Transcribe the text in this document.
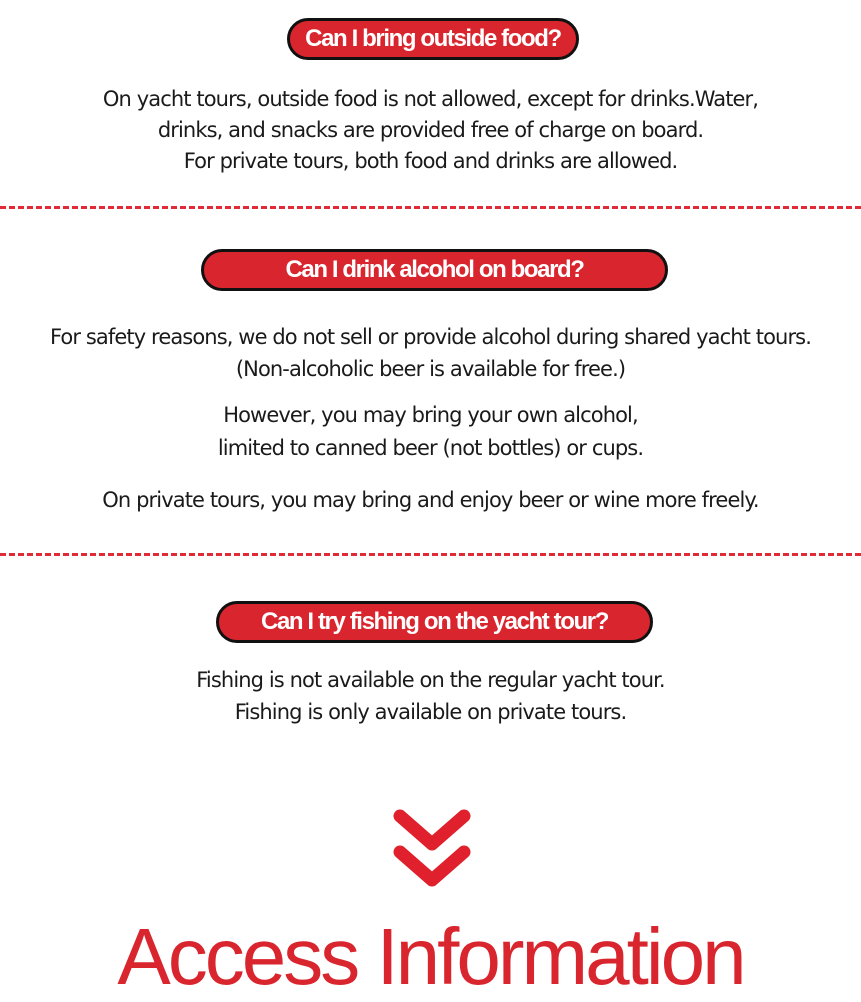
Can I bring outside food?
On yacht tours, outside food is not allowed, except for drinks.Water,
drinks, and snacks are provided free of charge on board.
For private tours, both food and drinks are allowed.
Can I drink alcohol on board?
For safety reasons, we do not sell or provide alcohol during shared yacht tours.
(Non-alcoholic beer is available for free.)
However, you may bring your own alcohol,
limited to canned beer (not bottles) or cups.
On private tours, you may bring and enjoy beer or wine more freely.
Can I try fishing on the yacht tour?
Fishing is not available on the regular yacht tour.
Fishing is only available on private tours.
Access Information
